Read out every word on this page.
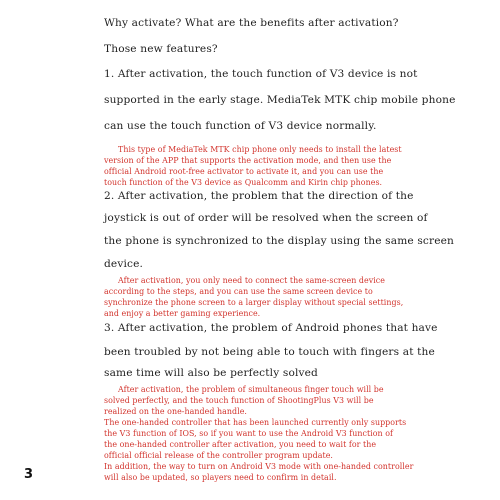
Why activate? What are the benefits after activation?
Those new features?
1. After activation, the touch function of V3 device is not
supported in the early stage. MediaTek MTK chip mobile phone
can use the touch function of V3 device normally.
This type of MediaTek MTK chip phone only needs to install the latest
version of the APP that supports the activation mode, and then use the
official Android root-free activator to activate it, and you can use the
touch function of the V3 device as Qualcomm and Kirin chip phones.
2. After activation, the problem that the direction of the
joystick is out of order will be resolved when the screen of
the phone is synchronized to the display using the same screen
device.
After activation, you only need to connect the same-screen device
according to the steps, and you can use the same screen device to
synchronize the phone screen to a larger display without special settings,
and enjoy a better gaming experience.
3. After activation, the problem of Android phones that have
been troubled by not being able to touch with fingers at the
same time will also be perfectly solved
After activation, the problem of simultaneous finger touch will be
solved perfectly, and the touch function of ShootingPlus V3 will be
realized on the one-handed handle.
The one-handed controller that has been launched currently only supports
the V3 function of IOS, so if you want to use the Android V3 function of
the one-handed controller after activation, you need to wait for the
official official release of the controller program update.
In addition, the way to turn on Android V3 mode with one-handed controller
will also be updated, so players need to confirm in detail.
3
